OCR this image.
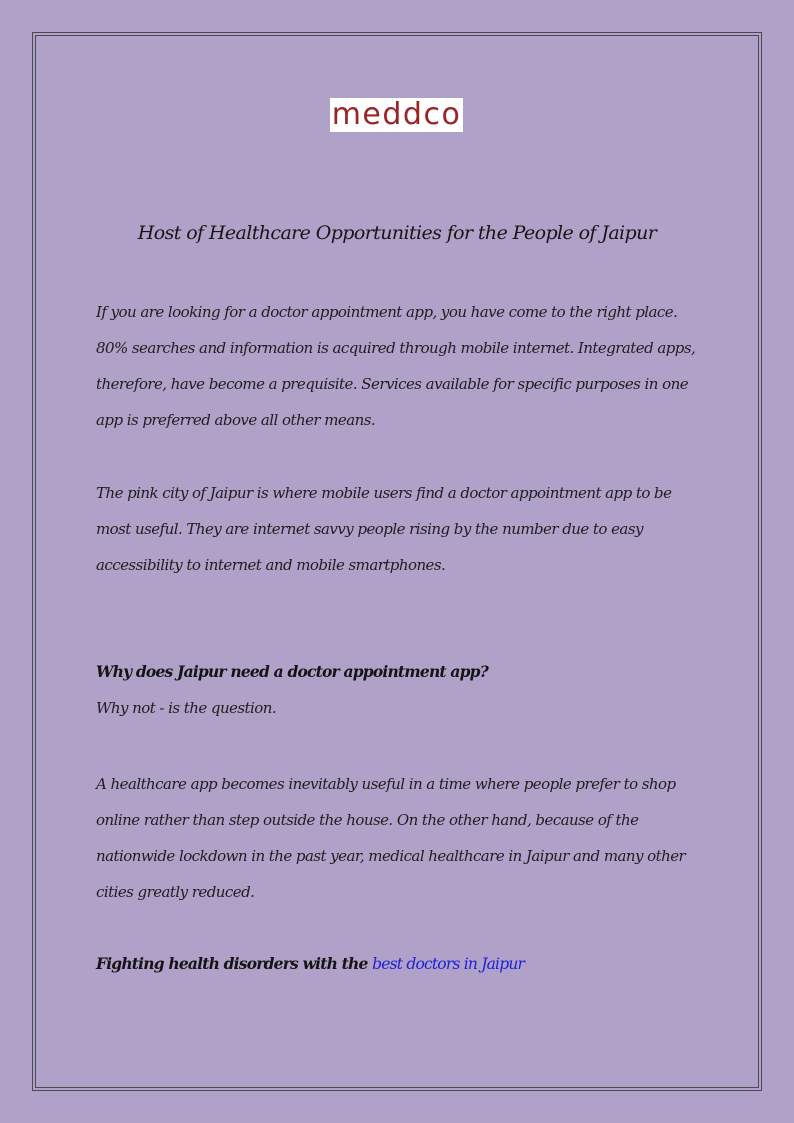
meddco
Host of Healthcare Opportunities for the People of Jaipur

If you are looking for a doctor appointment app, you have come to the right place. 80% searches and information is acquired through mobile internet. Integrated apps, therefore, have become a prequisite. Services available for specific purposes in one app is preferred above all other means.

The pink city of Jaipur is where mobile users find a doctor appointment app to be most useful. They are internet savvy people rising by the number due to easy accessibility to internet and mobile smartphones.

Why does Jaipur need a doctor appointment app?

Why not - is the question.

A healthcare app becomes inevitably useful in a time where people prefer to shop online rather than step outside the house. On the other hand, because of the nationwide lockdown in the past year, medical healthcare in Jaipur and many other cities greatly reduced.

Fighting health disorders with the best doctors in Jaipur
